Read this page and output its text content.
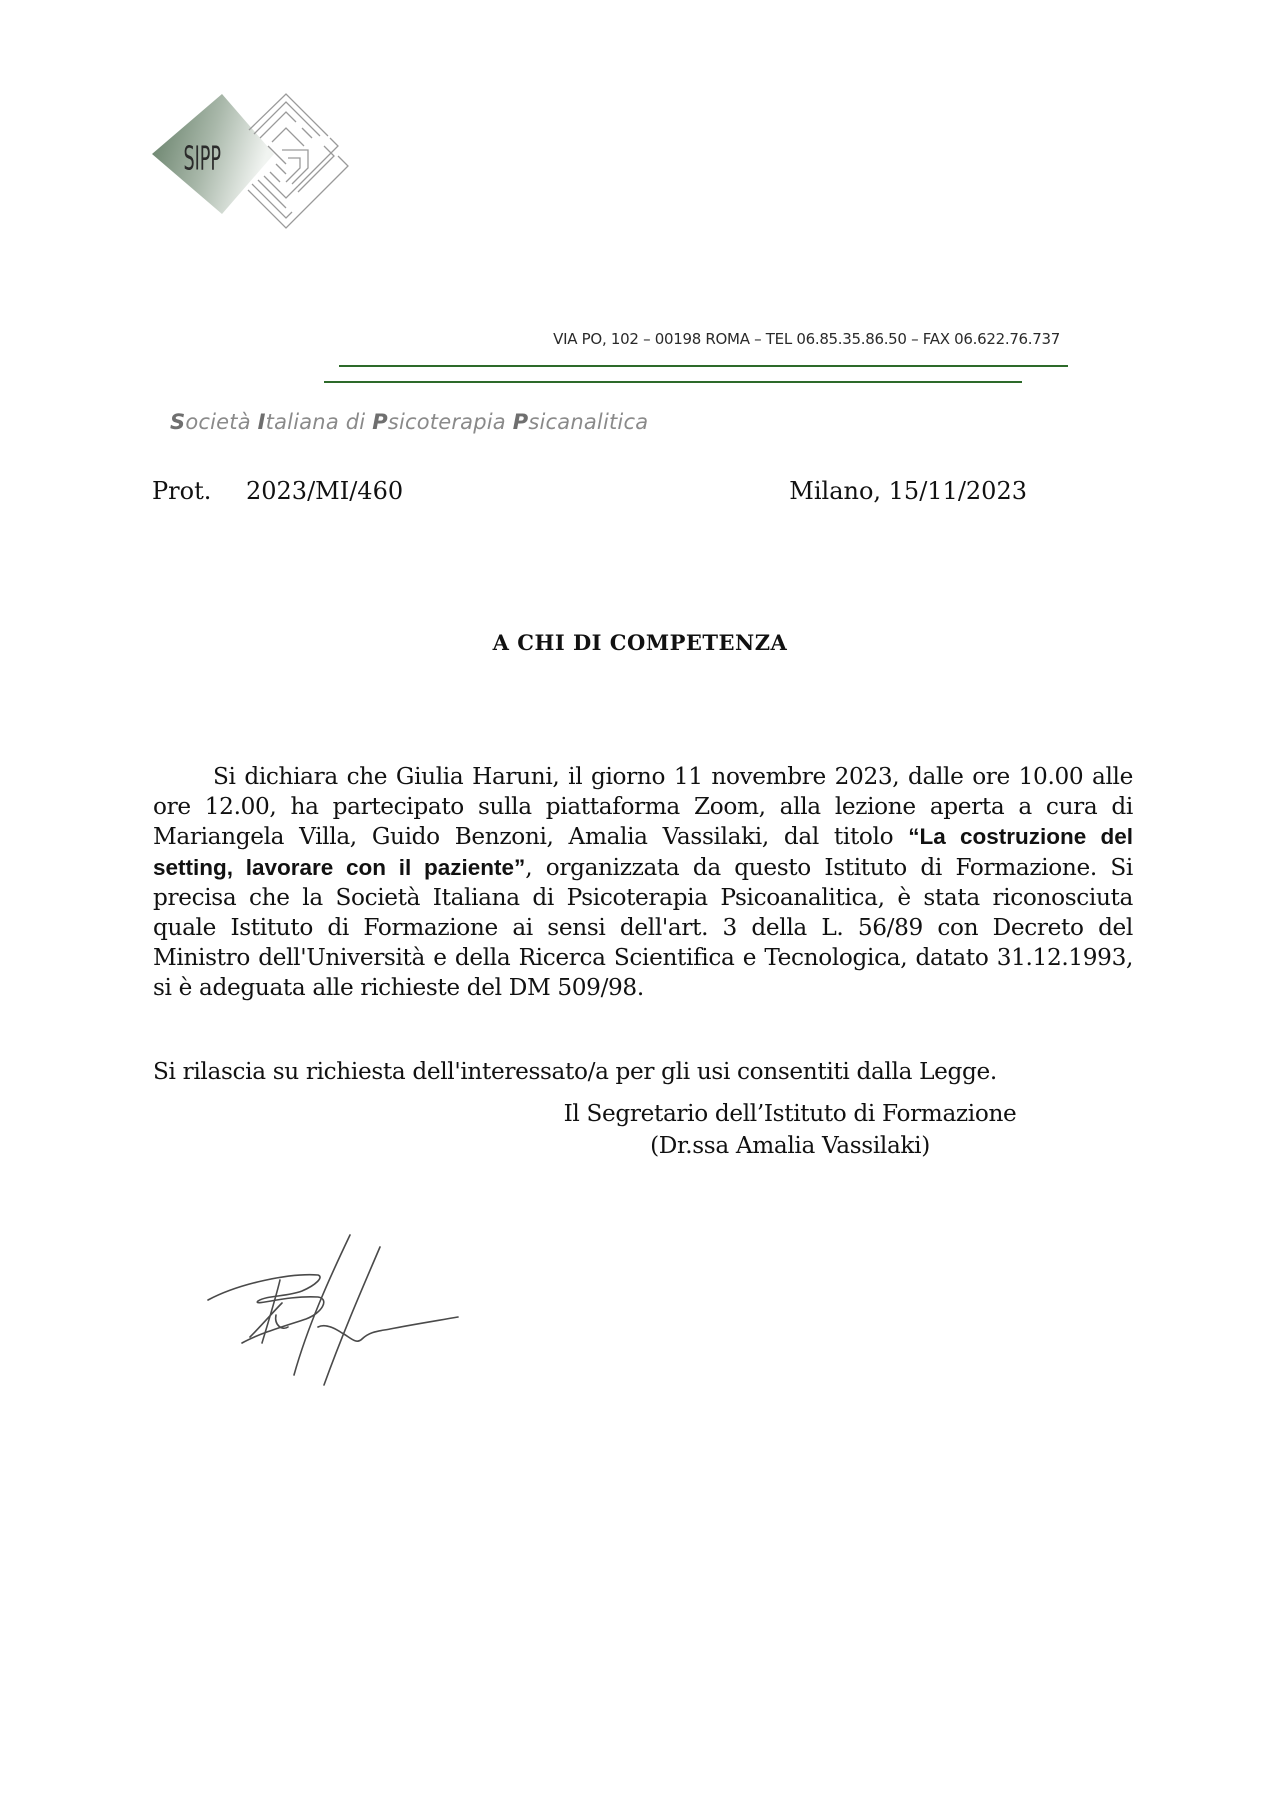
SIPP
VIA PO, 102 – 00198 ROMA – TEL 06.85.35.86.50 – FAX 06.622.76.737
Società Italiana di Psicoterapia Psicanalitica
Prot. 2023/MI/460	Milano, 15/11/2023
A CHI DI COMPETENZA

Si dichiara che Giulia Haruni, il giorno 11 novembre 2023, dalle ore 10.00 alle ore 12.00, ha partecipato sulla piattaforma Zoom, alla lezione aperta a cura di Mariangela Villa, Guido Benzoni, Amalia Vassilaki, dal titolo “La costruzione del setting, lavorare con il paziente”, organizzata da questo Istituto di Formazione. Si precisa che la Società Italiana di Psicoterapia Psicoanalitica, è stata riconosciuta quale Istituto di Formazione ai sensi dell'art. 3 della L. 56/89 con Decreto del Ministro dell'Università e della Ricerca Scientifica e Tecnologica, datato 31.12.1993, si è adeguata alle richieste del DM 509/98.

Si rilascia su richiesta dell'interessato/a per gli usi consentiti dalla Legge.
Il Segretario dell’Istituto di Formazione
(Dr.ssa Amalia Vassilaki)
